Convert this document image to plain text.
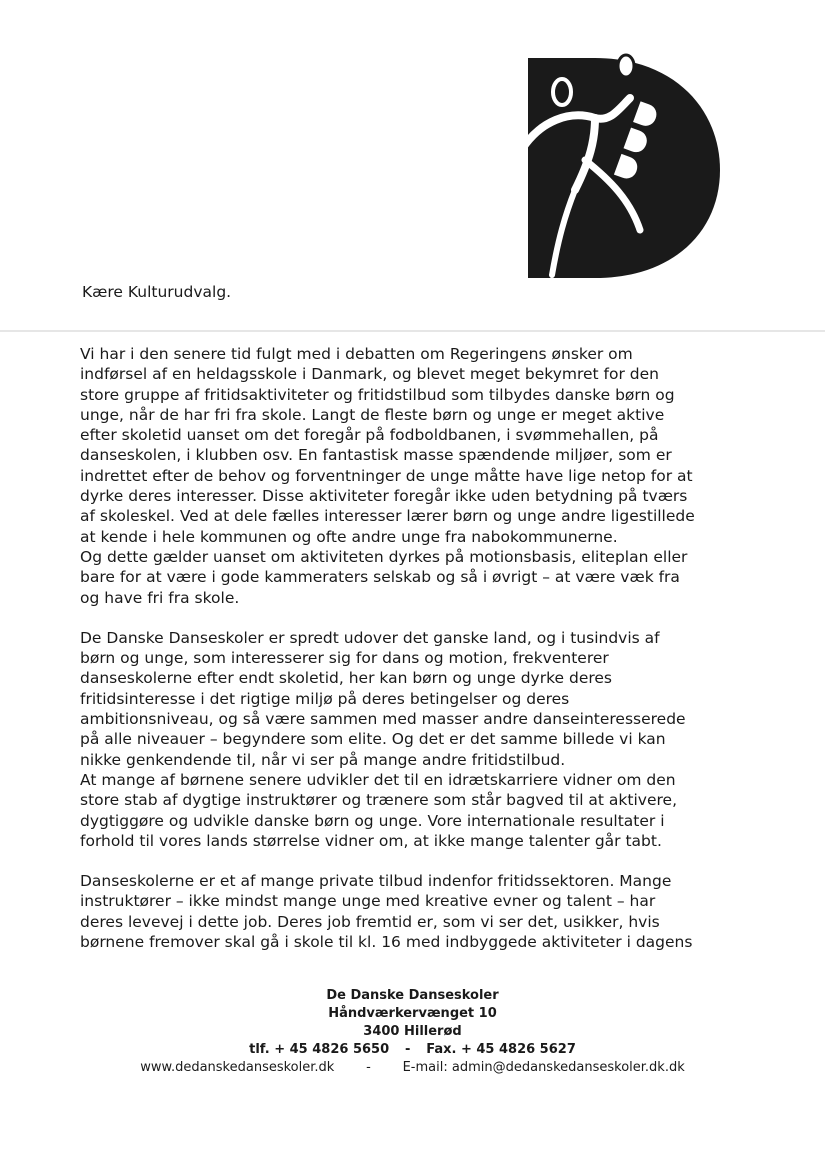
Kære Kulturudvalg.

Vi har i den senere tid fulgt med i debatten om Regeringens ønsker om
indførsel af en heldagsskole i Danmark, og blevet meget bekymret for den
store gruppe af fritidsaktiviteter og fritidstilbud som tilbydes danske børn og
unge, når de har fri fra skole. Langt de fleste børn og unge er meget aktive
efter skoletid uanset om det foregår på fodboldbanen, i svømmehallen, på
danseskolen, i klubben osv. En fantastisk masse spændende miljøer, som er
indrettet efter de behov og forventninger de unge måtte have lige netop for at
dyrke deres interesser. Disse aktiviteter foregår ikke uden betydning på tværs
af skoleskel. Ved at dele fælles interesser lærer børn og unge andre ligestillede
at kende i hele kommunen og ofte andre unge fra nabokommunerne.
Og dette gælder uanset om aktiviteten dyrkes på motionsbasis, eliteplan eller
bare for at være i gode kammeraters selskab og så i øvrigt – at være væk fra
og have fri fra skole.

De Danske Danseskoler er spredt udover det ganske land, og i tusindvis af
børn og unge, som interesserer sig for dans og motion, frekventerer
danseskolerne efter endt skoletid, her kan børn og unge dyrke deres
fritidsinteresse i det rigtige miljø på deres betingelser og deres
ambitionsniveau, og så være sammen med masser andre danseinteresserede
på alle niveauer – begyndere som elite. Og det er det samme billede vi kan
nikke genkendende til, når vi ser på mange andre fritidstilbud.
At mange af børnene senere udvikler det til en idrætskarriere vidner om den
store stab af dygtige instruktører og trænere som står bagved til at aktivere,
dygtiggøre og udvikle danske børn og unge. Vore internationale resultater i
forhold til vores lands størrelse vidner om, at ikke mange talenter går tabt.

Danseskolerne er et af mange private tilbud indenfor fritidssektoren. Mange
instruktører – ikke mindst mange unge med kreative evner og talent – har
deres levevej i dette job. Deres job fremtid er, som vi ser det, usikker, hvis
børnene fremover skal gå i skole til kl. 16 med indbyggede aktiviteter i dagens

De Danske Danseskoler
Håndværkervænget 10
3400 Hillerød
tlf. + 45 4826 5650 - Fax. + 45 4826 5627
www.dedanskedanseskoler.dk - E-mail: admin@dedanskedanseskoler.dk.dk
